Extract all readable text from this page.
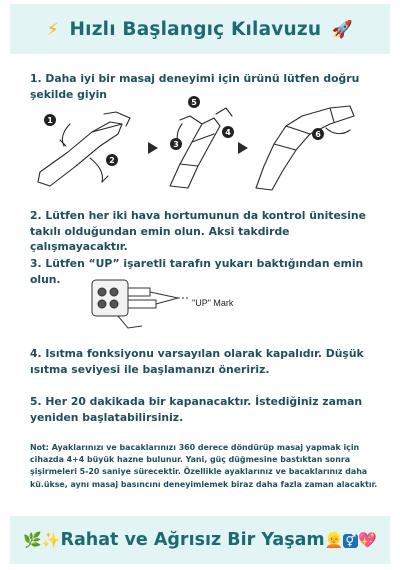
⚡ Hızlı Başlangıç Kılavuzu 🚀
1. Daha iyi bir masaj deneyimi için ürünü lütfen doğru şekilde giyin
1
2
3
4
5
6
2. Lütfen her iki hava hortumunun da kontrol ünitesine takılı olduğundan emin olun. Aksi takdirde çalışmayacaktır.
3. Lütfen “UP” işaretli tarafın yukarı baktığından emin olun.
"UP" Mark
4. Isıtma fonksiyonu varsayılan olarak kapalıdır. Düşük ısıtma seviyesi ile başlamanızı öneririz.
5. Her 20 dakikada bir kapanacaktır. İstediğiniz zaman yeniden başlatabilirsiniz.
Not: Ayaklarınızı ve bacaklarınızı 360 derece döndürüp masaj yapmak için cihazda 4+4 büyük hazne bulunur. Yani, güç düğmesine bastıktan sonra şişirmeleri 5-20 saniye sürecektir. Özellikle ayaklarınız ve bacaklarınız daha kü.ükse, aynı masaj basıncını deneyimlemek biraz daha fazla zaman alacaktır.
🌿✨Rahat ve Ağrısız Bir Yaşam👱 ⚥ 💖
